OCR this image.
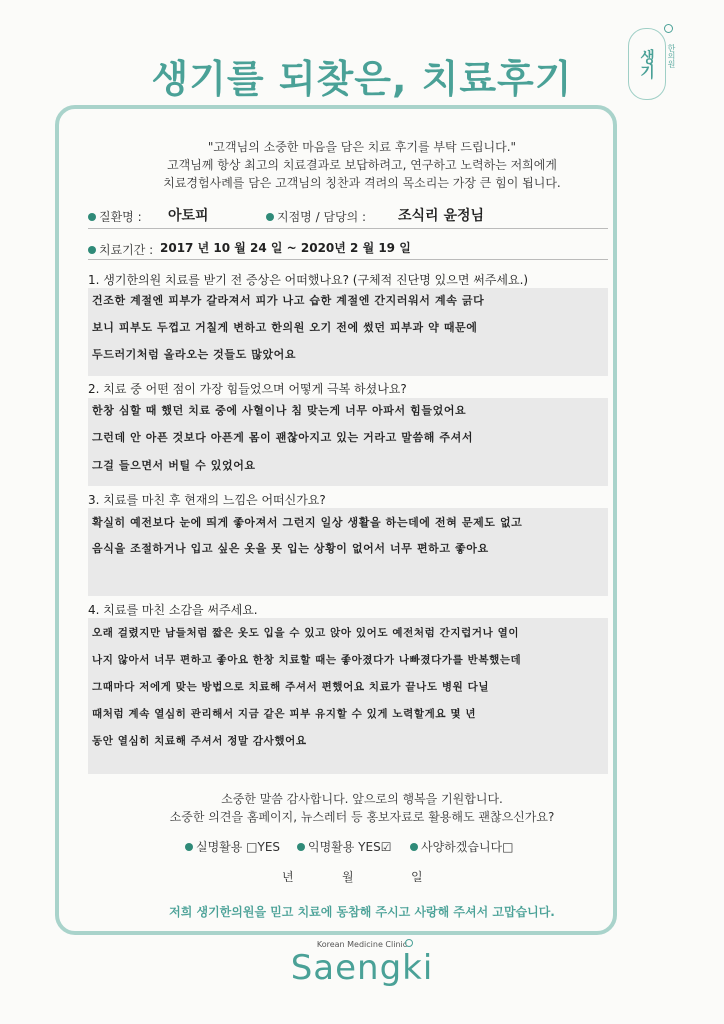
생기를 되찾은, 치료후기	생기	한의원
"고객님의 소중한 마음을 담은 치료 후기를 부탁 드립니다."
고객님께 항상 최고의 치료결과로 보답하려고, 연구하고 노력하는 저희에게
치료경험사례를 담은 고객님의 칭찬과 격려의 목소리는 가장 큰 힘이 됩니다.
질환명 : 아토피	지점명 / 담당의 : 조식리 윤정님
치료기간 : 2017 년 10 월 24 일 ~ 2020년 2 월 19 일
1. 생기한의원 치료를 받기 전 증상은 어떠했나요? (구체적 진단명 있으면 써주세요.)
건조한 계절엔 피부가 갈라져서 피가 나고 습한 계절엔 간지러워서 계속 긁다
보니 피부도 두껍고 거칠게 변하고 한의원 오기 전에 썼던 피부과 약 때문에
두드러기처럼 올라오는 것들도 많았어요
2. 치료 중 어떤 점이 가장 힘들었으며 어떻게 극복 하셨나요?
한창 심할 때 했던 치료 중에 사혈이나 침 맞는게 너무 아파서 힘들었어요
그런데 안 아픈 것보다 아픈게 몸이 괜찮아지고 있는 거라고 말씀해 주셔서
그걸 들으면서 버틸 수 있었어요
3. 치료를 마친 후 현재의 느낌은 어떠신가요?
확실히 예전보다 눈에 띄게 좋아져서 그런지 일상 생활을 하는데에 전혀 문제도 없고
음식을 조절하거나 입고 싶은 옷을 못 입는 상황이 없어서 너무 편하고 좋아요
4. 치료를 마친 소감을 써주세요.
오래 걸렸지만 남들처럼 짧은 옷도 입을 수 있고 앉아 있어도 예전처럼 간지럽거나 열이
나지 않아서 너무 편하고 좋아요 한창 치료할 때는 좋아졌다가 나빠졌다가를 반복했는데
그때마다 저에게 맞는 방법으로 치료해 주셔서 편했어요 치료가 끝나도 병원 다닐
때처럼 계속 열심히 관리해서 지금 같은 피부 유지할 수 있게 노력할게요 몇 년
동안 열심히 치료해 주셔서 정말 감사했어요
소중한 말씀 감사합니다. 앞으로의 행복을 기원합니다.
소중한 의견을 홈페이지, 뉴스레터 등 홍보자료로 활용해도 괜찮으신가요?
실명활용 □YES	익명활용 YES☑	사양하겠습니다□
년	월	일
저희 생기한의원을 믿고 치료에 동참해 주시고 사랑해 주셔서 고맙습니다.
Korean Medicine Clinic
Saengki
